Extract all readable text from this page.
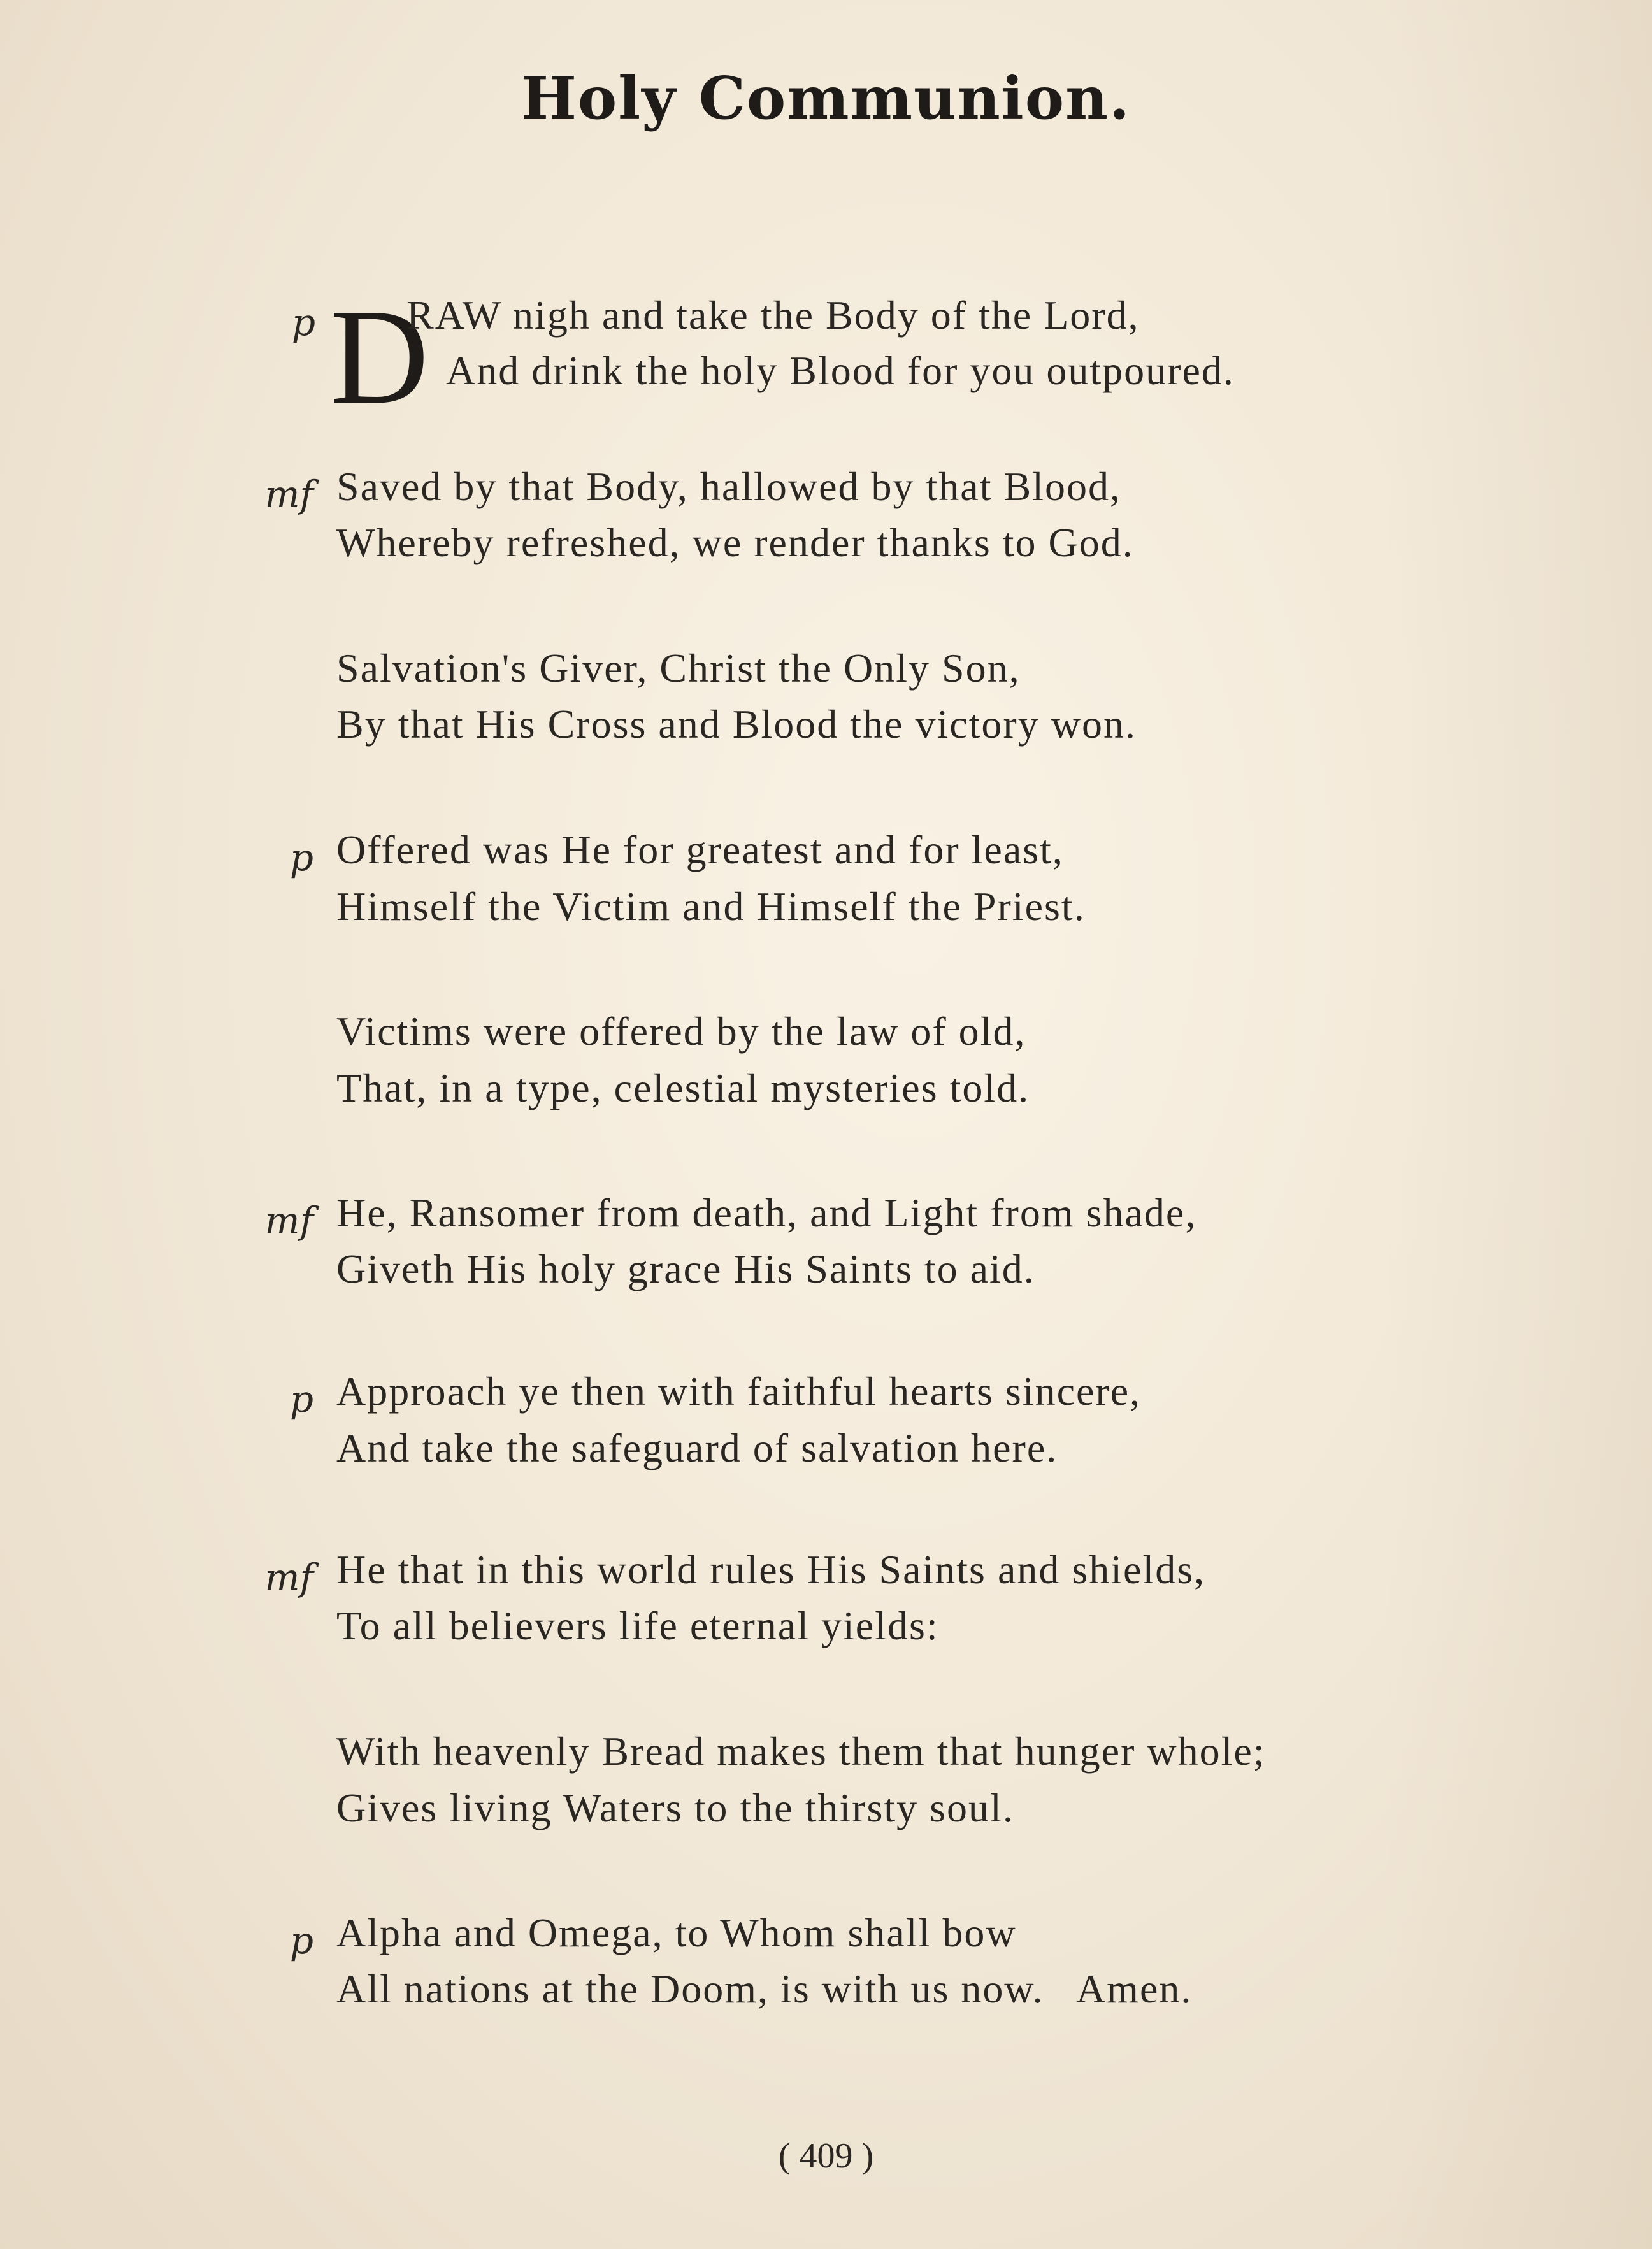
Holy Communion.
p D
RAW nigh and take the Body of the Lord,
And drink the holy Blood for you outpoured.
mf Saved by that Body, hallowed by that Blood,
Whereby refreshed, we render thanks to God.
Salvation's Giver, Christ the Only Son,
By that His Cross and Blood the victory won.
p Offered was He for greatest and for least,
Himself the Victim and Himself the Priest.
Victims were offered by the law of old,
That, in a type, celestial mysteries told.
mf He, Ransomer from death, and Light from shade,
Giveth His holy grace His Saints to aid.
p Approach ye then with faithful hearts sincere,
And take the safeguard of salvation here.
mf He that in this world rules His Saints and shields,
To all believers life eternal yields:
With heavenly Bread makes them that hunger whole;
Gives living Waters to the thirsty soul.
p Alpha and Omega, to Whom shall bow
All nations at the Doom, is with us now.   Amen.
( 409 )
